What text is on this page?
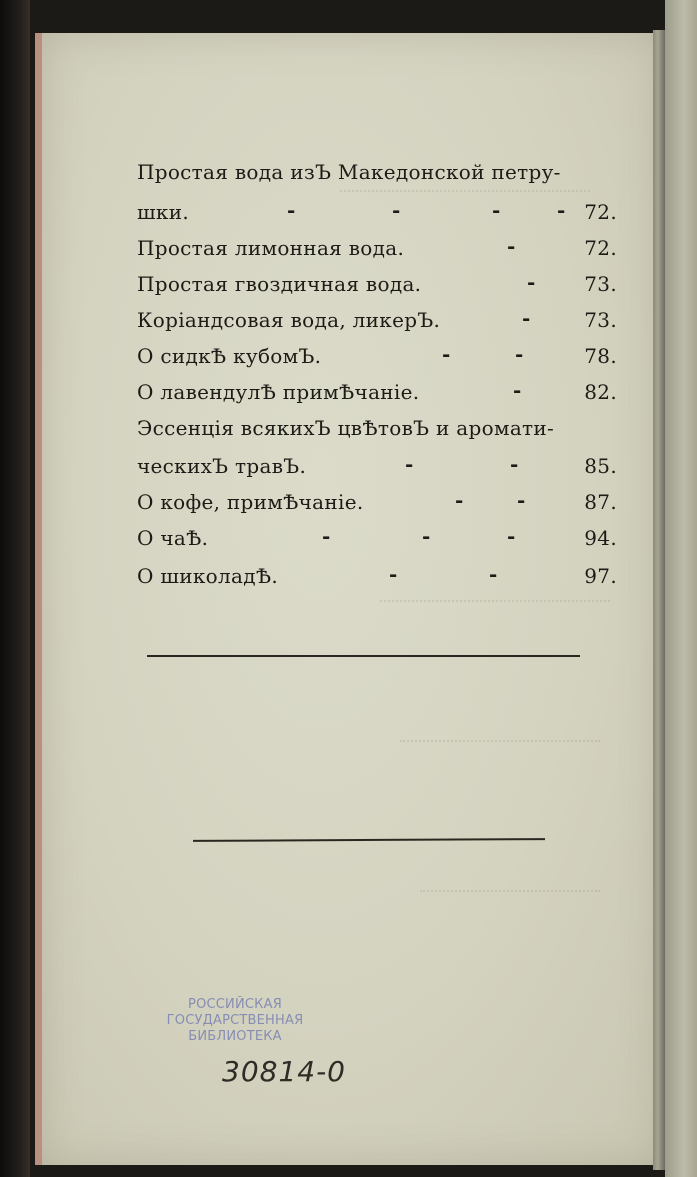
Простая вода изЪ Македонской петру-
шки.	-	-	-	- 72.
Простая лимонная вода.	-	72.
Простая гвоздичная вода.	- 73.
Коріандсовая вода, ликерЪ.	-	73.
О сидкѢ кубомЪ.	-	-	78.
О лавендулѢ примѢчаніе.	-	82.
Эссенція всякихЪ цвѢтовЪ и аромати-
ческихЪ травЪ.	-	-	85.
О кофе, примѢчаніе.	-	-	87.
О чаѢ.	-	-	-	94.
О шиколадѢ.	-	-	97.
РОССИЙСКАЯ
ГОСУДАРСТВЕННАЯ
БИБЛИОТЕКА
30814-0
